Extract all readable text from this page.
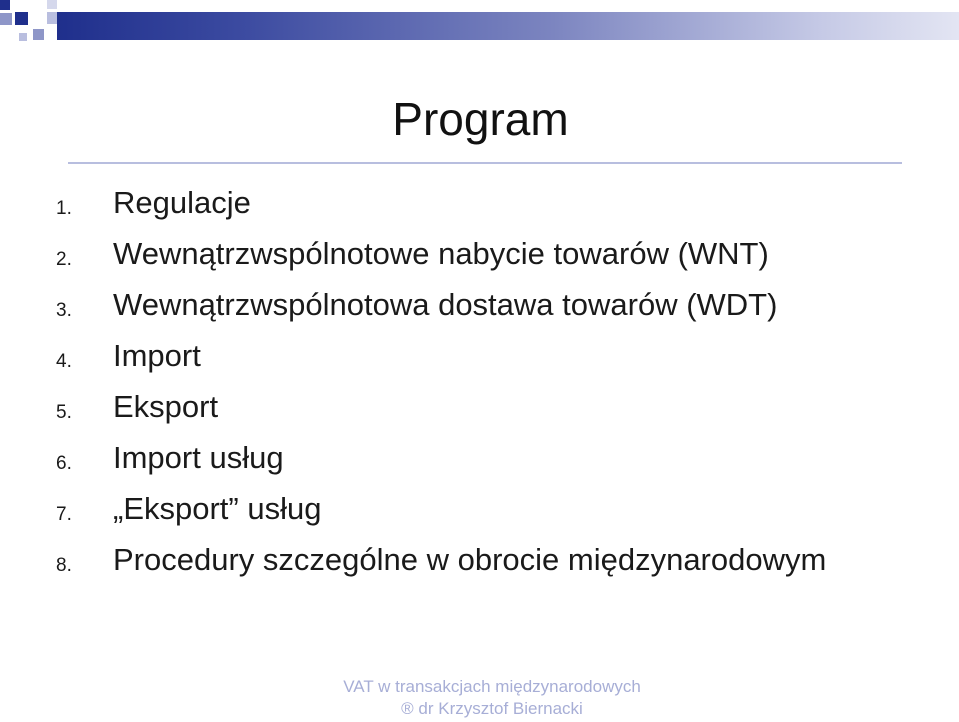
Program
1. Regulacje
2. Wewnątrzwspólnotowe nabycie towarów (WNT)
3. Wewnątrzwspólnotowa dostawa towarów (WDT)
4. Import
5. Eksport
6. Import usług
7. „Eksport” usług
8. Procedury szczególne w obrocie międzynarodowym
VAT w transakcjach międzynarodowych
® dr Krzysztof Biernacki
